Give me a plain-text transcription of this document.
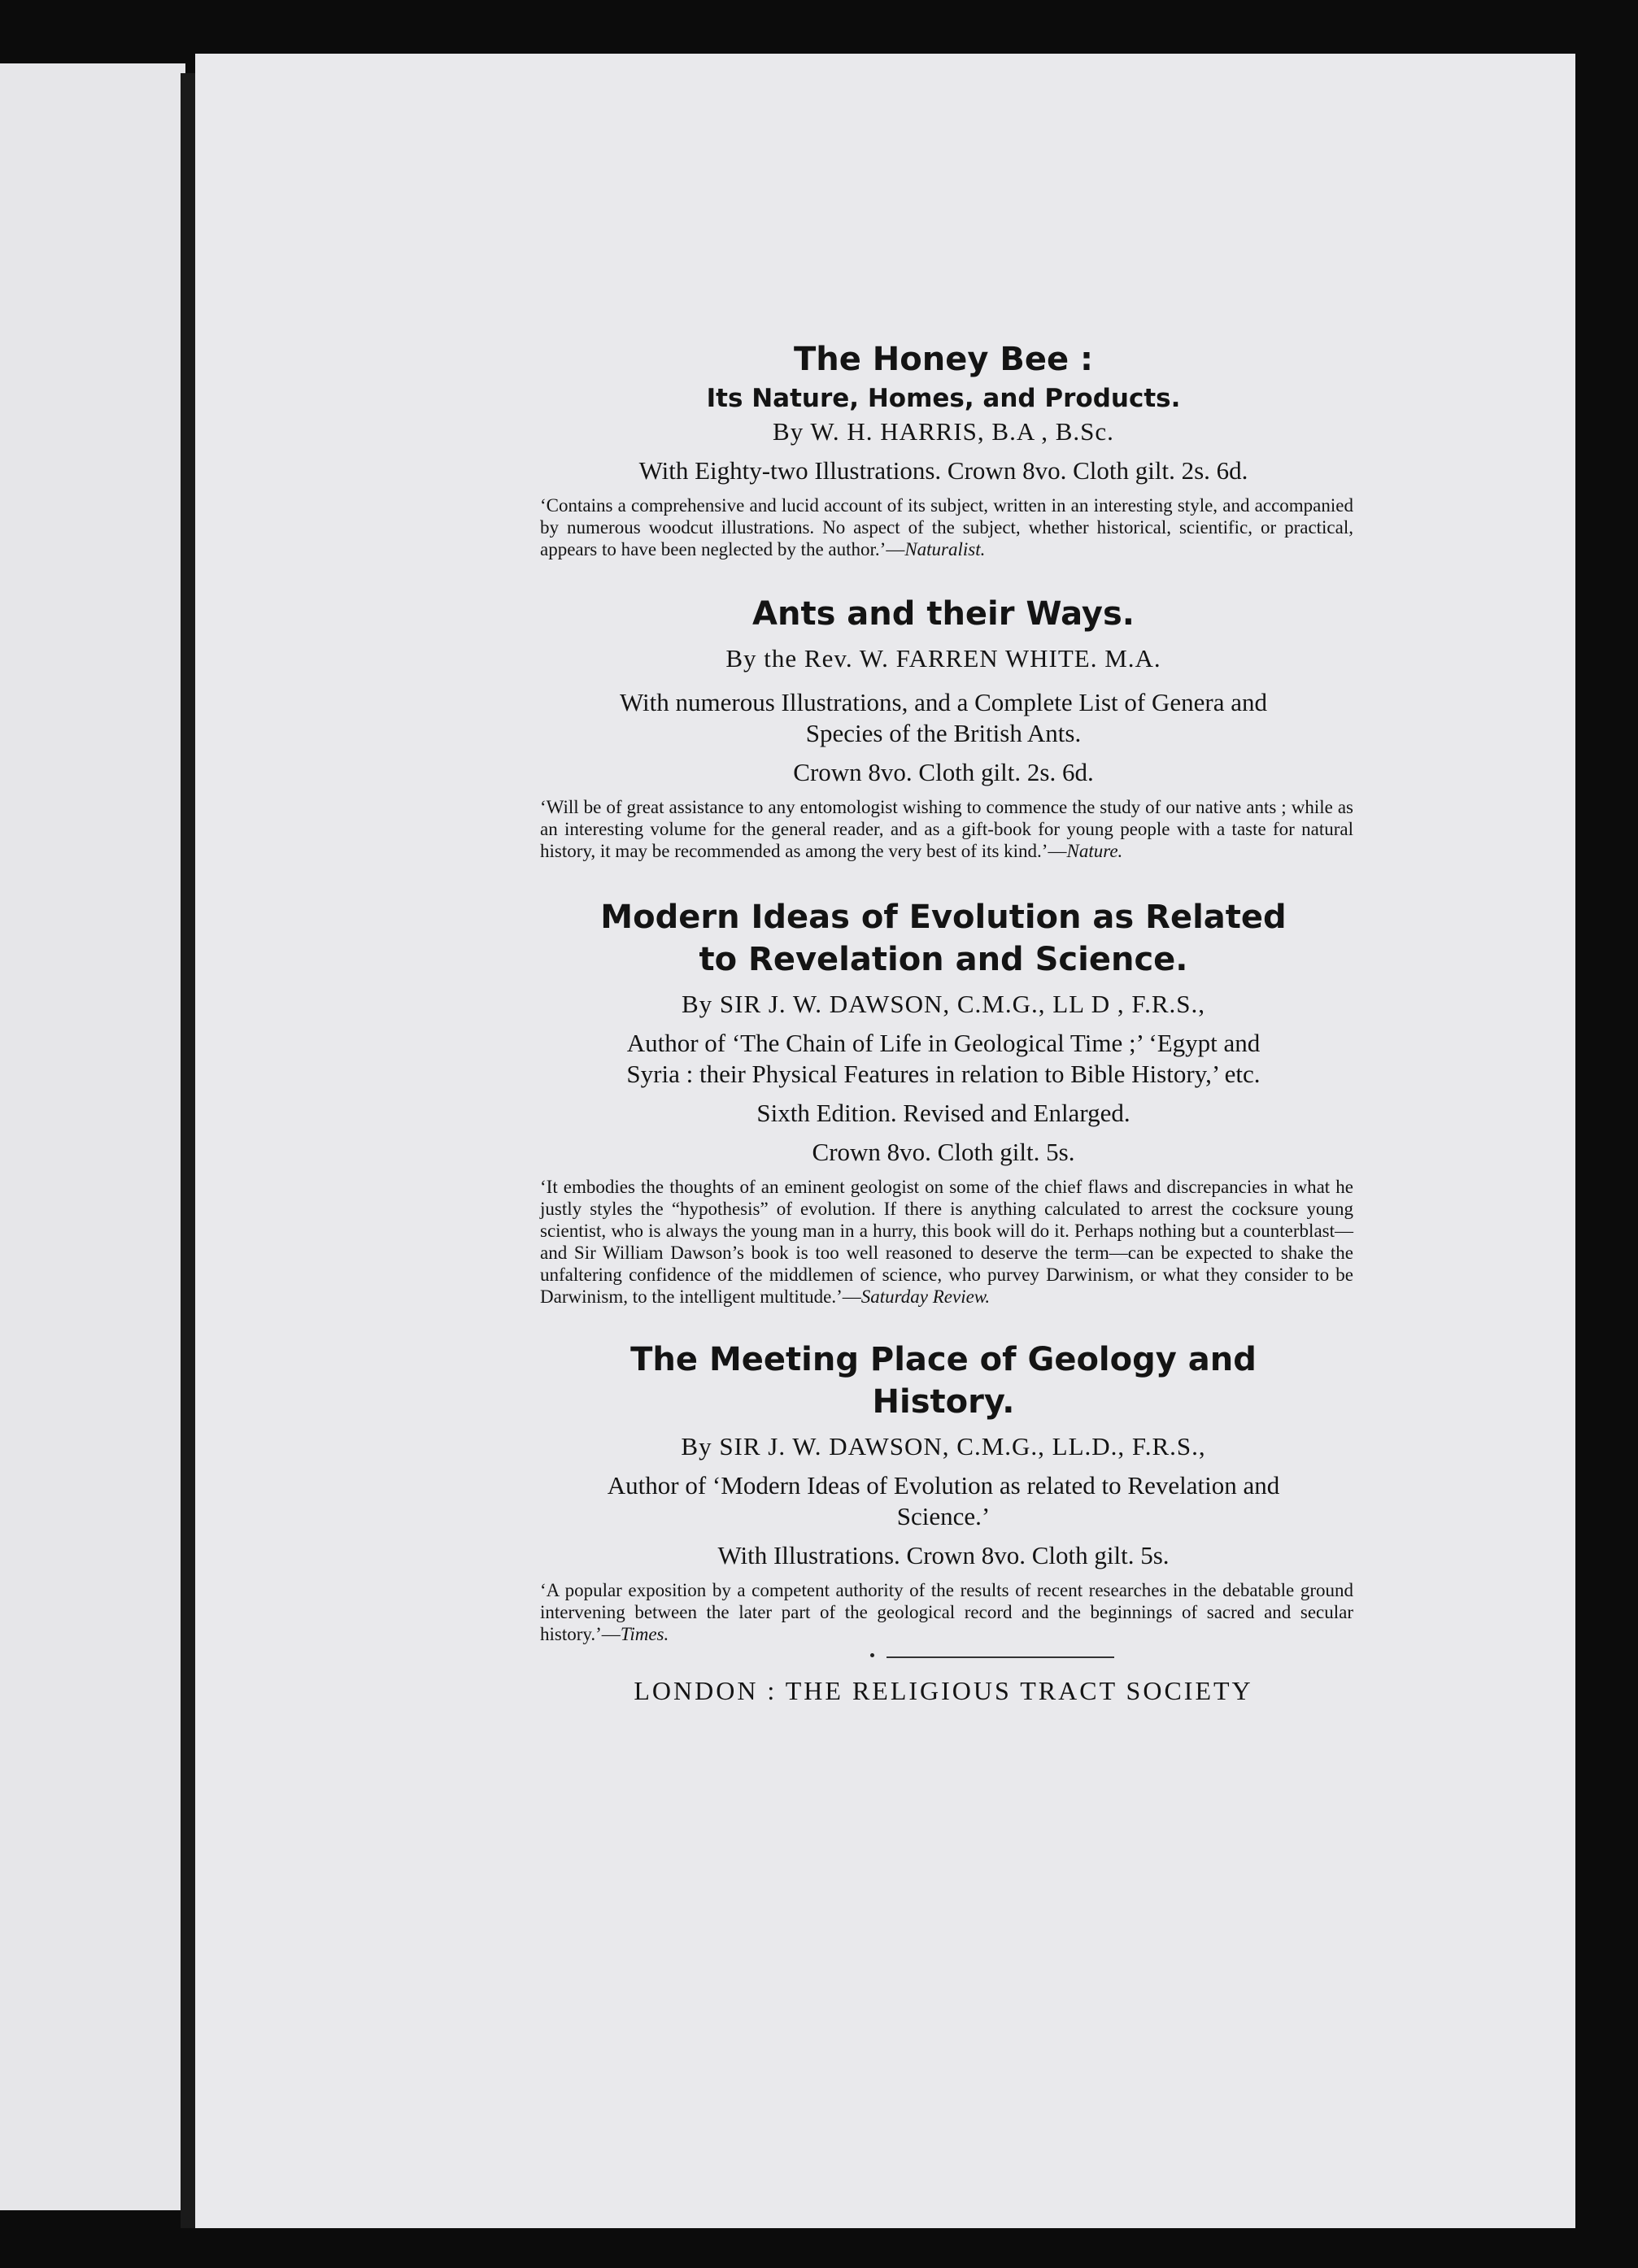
The Honey Bee :

Its Nature, Homes, and Products.

By W. H. HARRIS, B.A , B.Sc.

With Eighty-two Illustrations. Crown 8vo. Cloth gilt. 2s. 6d.

‘Contains a comprehensive and lucid account of its subject, written in an interesting style, and accompanied by numerous woodcut illustrations. No aspect of the subject, whether historical, scientific, or practical, appears to have been neglected by the author.’—Naturalist.

Ants and their Ways.

By the Rev. W. FARREN WHITE. M.A.

With numerous Illustrations, and a Complete List of Genera and

Species of the British Ants.

Crown 8vo. Cloth gilt. 2s. 6d.

‘Will be of great assistance to any entomologist wishing to commence the study of our native ants ; while as an interesting volume for the general reader, and as a gift-book for young people with a taste for natural history, it may be recommended as among the very best of its kind.’—Nature.

Modern Ideas of Evolution as Related

to Revelation and Science.

By SIR J. W. DAWSON, C.M.G., LL D , F.R.S.,

Author of ‘The Chain of Life in Geological Time ;’ ‘Egypt and

Syria : their Physical Features in relation to Bible History,’ etc.

Sixth Edition. Revised and Enlarged.

Crown 8vo. Cloth gilt. 5s.

‘It embodies the thoughts of an eminent geologist on some of the chief flaws and discrepancies in what he justly styles the “hypothesis” of evolution. If there is anything calculated to arrest the cocksure young scientist, who is always the young man in a hurry, this book will do it. Perhaps nothing but a counterblast—and Sir William Dawson’s book is too well reasoned to deserve the term—can be expected to shake the unfaltering confidence of the middlemen of science, who purvey Darwinism, or what they consider to be Darwinism, to the intelligent multitude.’—Saturday Review.

The Meeting Place of Geology and

History.

By SIR J. W. DAWSON, C.M.G., LL.D., F.R.S.,

Author of ‘Modern Ideas of Evolution as related to Revelation and

Science.’

With Illustrations. Crown 8vo. Cloth gilt. 5s.

‘A popular exposition by a competent authority of the results of recent researches in the debatable ground intervening between the later part of the geological record and the beginnings of sacred and secular history.’—Times.

LONDON : THE RELIGIOUS TRACT SOCIETY
